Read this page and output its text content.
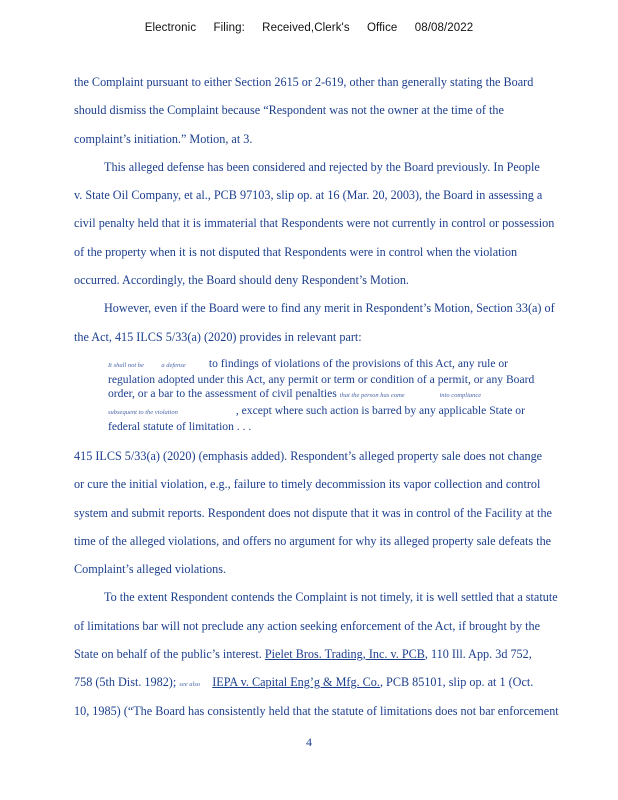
Electronic Filing: Received,Clerk's Office 08/08/2022
the Complaint pursuant to either Section 2615 or 2-619, other than generally stating the Board
should dismiss the Complaint because “Respondent was not the owner at the time of the
complaint’s initiation.” Motion, at 3.
This alleged defense has been considered and rejected by the Board previously. In People
v. State Oil Company, et al., PCB 97103, slip op. at 16 (Mar. 20, 2003), the Board in assessing a
civil penalty held that it is immaterial that Respondents were not currently in control or possession
of the property when it is not disputed that Respondents were in control when the violation
occurred. Accordingly, the Board should deny Respondent’s Motion.
However, even if the Board were to find any merit in Respondent’s Motion, Section 33(a) of
the Act, 415 ILCS 5/33(a) (2020) provides in relevant part:
It shall not be	a defense to findings of violations of the provisions of this Act, any rule or
regulation adopted under this Act, any permit or term or condition of a permit, or any Board
order, or a bar to the assessment of civil penalties that the person has come	into compliance
subsequent to the violation	, except where such action is barred by any applicable State or
federal statute of limitation . . .
415 ILCS 5/33(a) (2020) (emphasis added). Respondent’s alleged property sale does not change
or cure the initial violation, e.g., failure to timely decommission its vapor collection and control
system and submit reports. Respondent does not dispute that it was in control of the Facility at the
time of the alleged violations, and offers no argument for why its alleged property sale defeats the
Complaint’s alleged violations.
To the extent Respondent contends the Complaint is not timely, it is well settled that a statute
of limitations bar will not preclude any action seeking enforcement of the Act, if brought by the
State on behalf of the public’s interest. Pielet Bros. Trading, Inc. v. PCB, 110 Ill. App. 3d 752,
758 (5th Dist. 1982); see also IEPA v. Capital Eng’g & Mfg. Co., PCB 85101, slip op. at 1 (Oct.
10, 1985) (“The Board has consistently held that the statute of limitations does not bar enforcement
4
